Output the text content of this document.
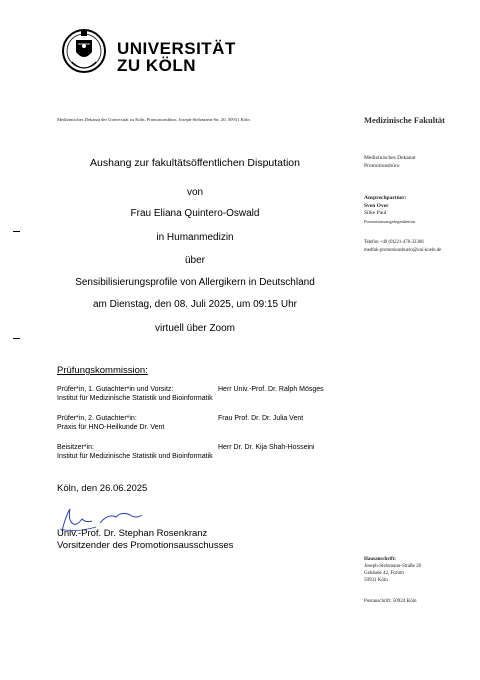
UNIVERSITÄT
ZU KÖLN
Medizinisches Dekanat der Universität zu Köln, Promotionsbüro, Joseph-Stelzmann-Str. 20, 50931 Köln	Medizinische Fakultät
Medizinisches Dekanat
Promotionsbüro
Ansprechpartner:
Sven Over
Silke Paul
Promotionsangelegenheiten
Telefon +49 (0)221-478-32368
medfak-promotionsbuero@uni-koeln.de
Aushang zur fakultätsöffentlichen Disputation
von
Frau Eliana Quintero-Oswald
in Humanmedizin
über
Sensibilisierungsprofile von Allergikern in Deutschland
am Dienstag, den 08. Juli 2025, um 09:15 Uhr
virtuell über Zoom
Prüfungskommission:
Prüfer*in, 1. Gutachter*in und Vorsitz:	Herr Univ.-Prof. Dr. Ralph Mösges
Institut für Medizinische Statistik und Bioinformatik
Prüfer*in, 2. Gutachter*in:	Frau Prof. Dr. Dr. Julia Vent
Praxis für HNO-Heilkunde Dr. Vent
Beisitzer*in:	Herr Dr. Dr. Kija Shah-Hosseini
Institut für Medizinische Statistik und Bioinformatik
Köln, den 26.06.2025
Univ.-Prof. Dr. Stephan Rosenkranz
Vorsitzender des Promotionsausschusses
Hausanschrift:
Joseph-Stelzmann-Straße 20
Gebäude 42, Forum
50931 Köln
Postanschrift: 50924 Köln
